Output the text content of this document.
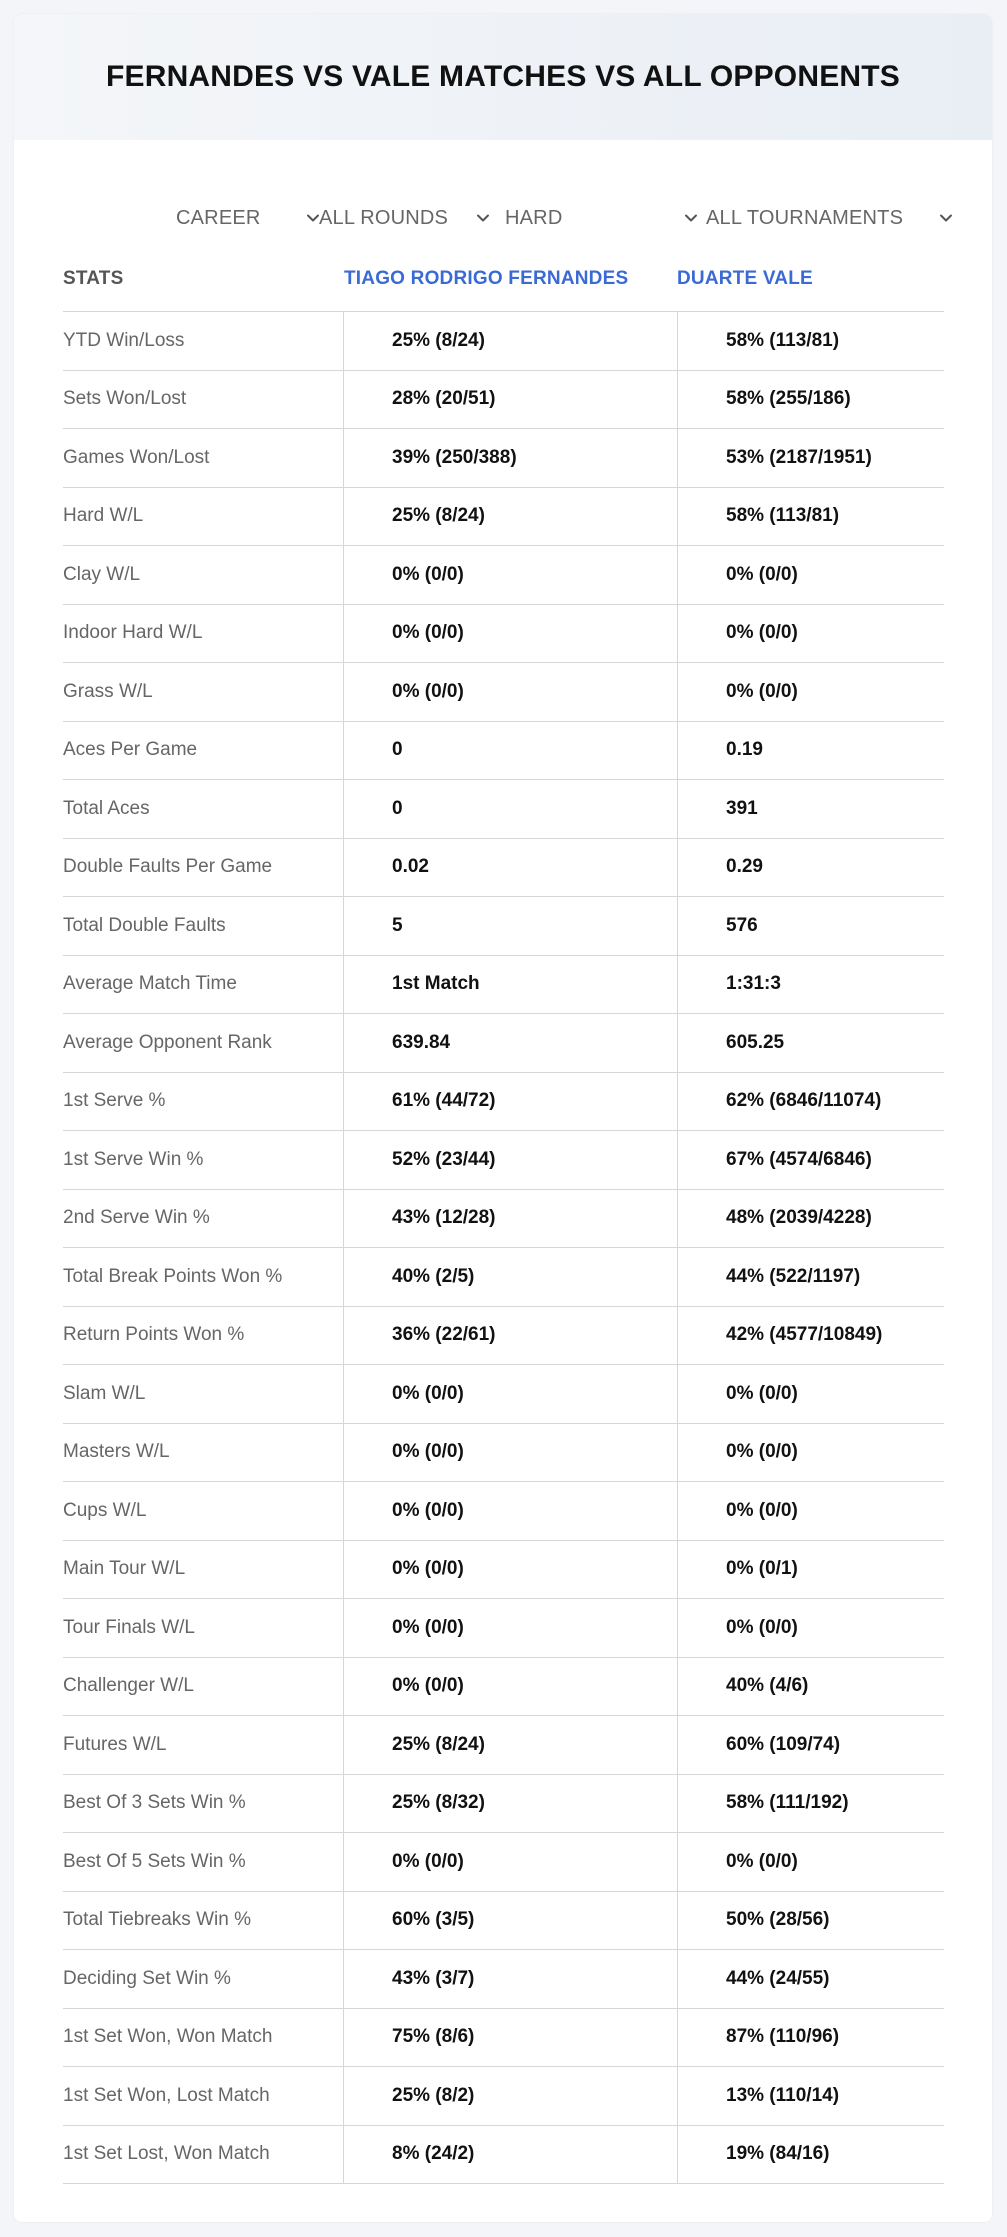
FERNANDES VS VALE MATCHES VS ALL OPPONENTS
CAREER	ALL ROUNDS	HARD	ALL TOURNAMENTS
STATS	TIAGO RODRIGO FERNANDES	DUARTE VALE
YTD Win/Loss	25% (8/24)	58% (113/81)
Sets Won/Lost	28% (20/51)	58% (255/186)
Games Won/Lost	39% (250/388)	53% (2187/1951)
Hard W/L	25% (8/24)	58% (113/81)
Clay W/L	0% (0/0)	0% (0/0)
Indoor Hard W/L	0% (0/0)	0% (0/0)
Grass W/L	0% (0/0)	0% (0/0)
Aces Per Game	0	0.19
Total Aces	0	391
Double Faults Per Game	0.02	0.29
Total Double Faults	5	576
Average Match Time	1st Match	1:31:3
Average Opponent Rank	639.84	605.25
1st Serve %	61% (44/72)	62% (6846/11074)
1st Serve Win %	52% (23/44)	67% (4574/6846)
2nd Serve Win %	43% (12/28)	48% (2039/4228)
Total Break Points Won %	40% (2/5)	44% (522/1197)
Return Points Won %	36% (22/61)	42% (4577/10849)
Slam W/L	0% (0/0)	0% (0/0)
Masters W/L	0% (0/0)	0% (0/0)
Cups W/L	0% (0/0)	0% (0/0)
Main Tour W/L	0% (0/0)	0% (0/1)
Tour Finals W/L	0% (0/0)	0% (0/0)
Challenger W/L	0% (0/0)	40% (4/6)
Futures W/L	25% (8/24)	60% (109/74)
Best Of 3 Sets Win %	25% (8/32)	58% (111/192)
Best Of 5 Sets Win %	0% (0/0)	0% (0/0)
Total Tiebreaks Win %	60% (3/5)	50% (28/56)
Deciding Set Win %	43% (3/7)	44% (24/55)
1st Set Won, Won Match	75% (8/6)	87% (110/96)
1st Set Won, Lost Match	25% (8/2)	13% (110/14)
1st Set Lost, Won Match	8% (24/2)	19% (84/16)
